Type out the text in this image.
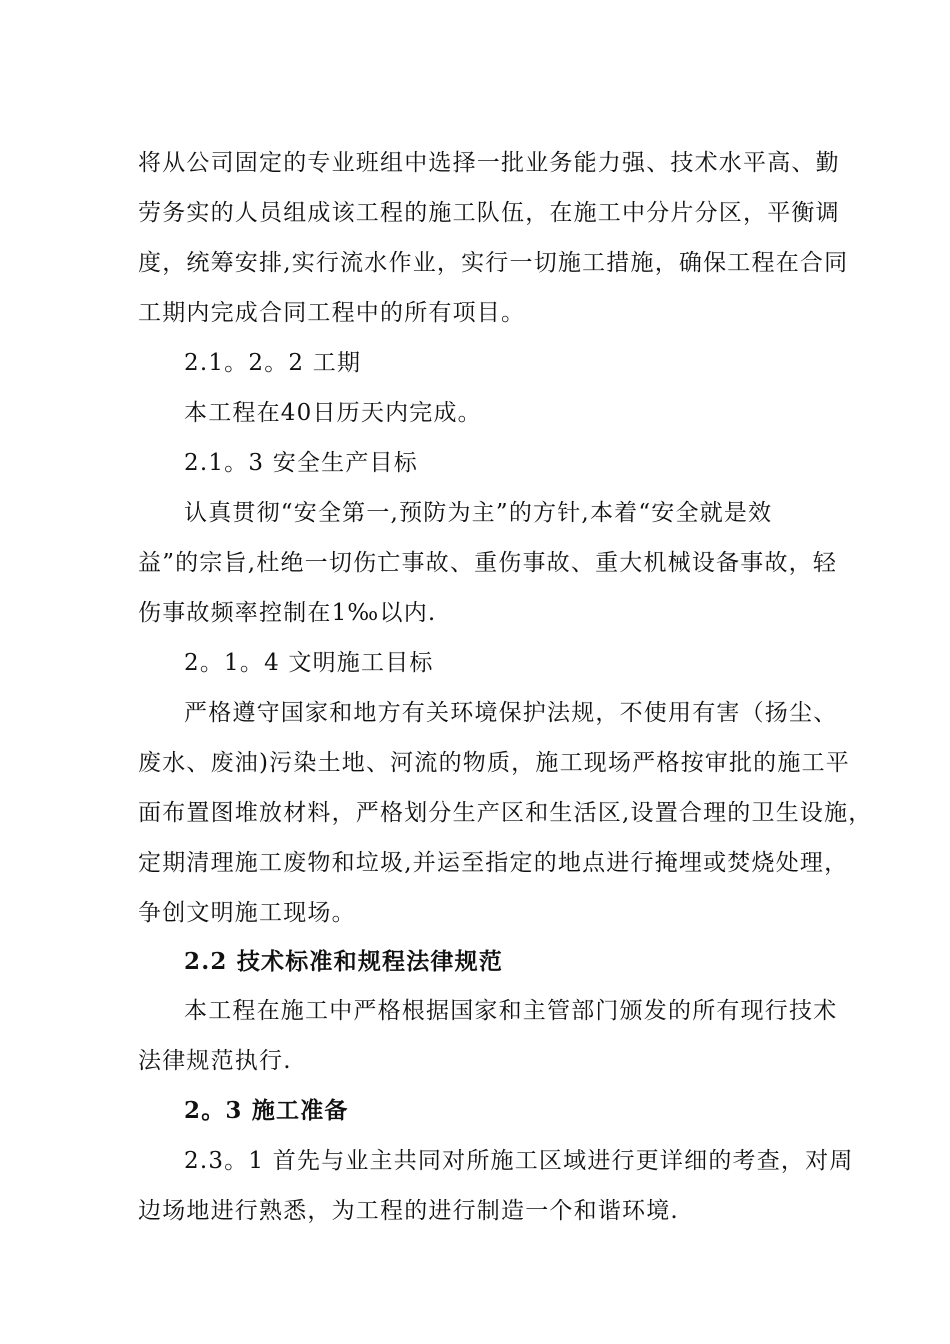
将从公司固定的专业班组中选择一批业务能力强、技术水平高、勤
劳务实的人员组成该工程的施工队伍，在施工中分片分区，平衡调
度，统筹安排,实行流水作业，实行一切施工措施，确保工程在合同
工期内完成合同工程中的所有项目。
2.1。2。2 工期
本工程在40日历天内完成。
2.1。3 安全生产目标
认真贯彻“安全第一,预防为主”的方针,本着“安全就是效
益”的宗旨,杜绝一切伤亡事故、重伤事故、重大机械设备事故，轻
伤事故频率控制在1‰以内.
2。1。4 文明施工目标
严格遵守国家和地方有关环境保护法规，不使用有害（扬尘、
废水、废油)污染土地、河流的物质，施工现场严格按审批的施工平
面布置图堆放材料，严格划分生产区和生活区,设置合理的卫生设施，
定期清理施工废物和垃圾,并运至指定的地点进行掩埋或焚烧处理，
争创文明施工现场。
2.2 技术标准和规程法律规范
本工程在施工中严格根据国家和主管部门颁发的所有现行技术
法律规范执行.
2。3 施工准备
2.3。1 首先与业主共同对所施工区域进行更详细的考查，对周
边场地进行熟悉，为工程的进行制造一个和谐环境.
